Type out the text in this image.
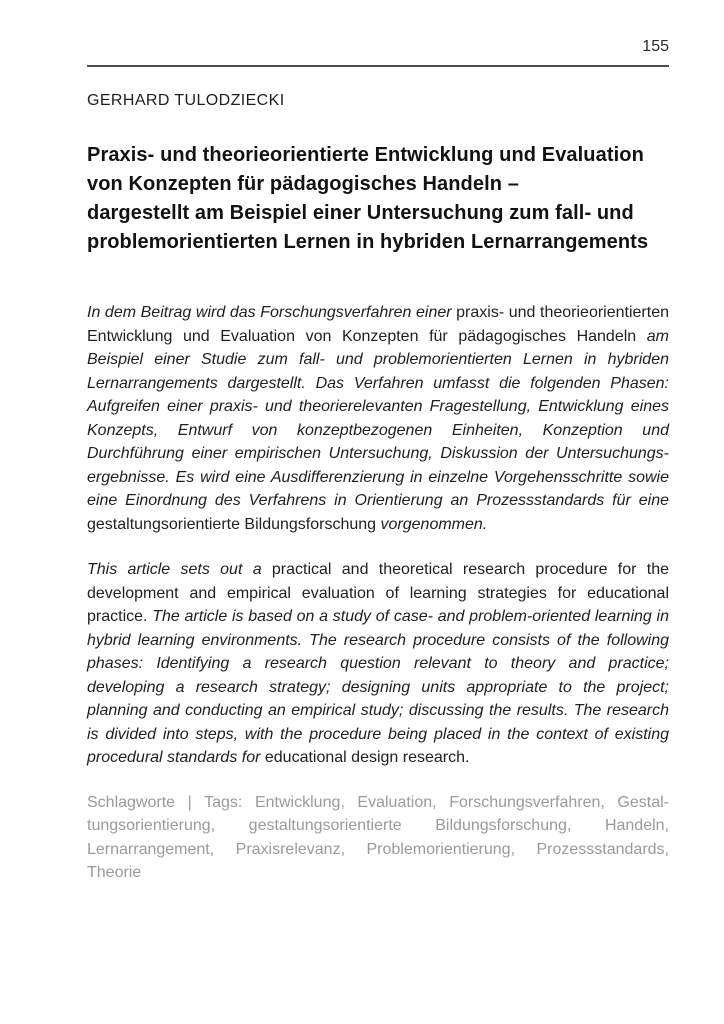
155
GERHARD TULODZIECKI
Praxis- und theorieorientierte Entwicklung und Evaluation
von Konzepten für pädagogisches Handeln –
dargestellt am Beispiel einer Untersuchung zum fall- und
problemorientierten Lernen in hybriden Lernarrangements

In dem Beitrag wird das Forschungsverfahren einer praxis- und theorieorientierten Entwicklung und Evaluation von Konzepten für pädagogisches Handeln am Beispiel einer Studie zum fall- und problemorientierten Lernen in hybriden Lernarrangements dargestellt. Das Verfahren umfasst die folgenden Phasen: Aufgreifen einer praxis- und theorierelevanten Fragestellung, Entwicklung eines Konzepts, Entwurf von konzeptbezogenen Einheiten, Konzeption und Durchführung einer empirischen Untersuchung, Diskussion der Untersuchungsergebnisse. Es wird eine Ausdifferenzierung in einzelne Vorgehensschritte sowie eine Einordnung des Verfahrens in Orientierung an Prozessstandards für eine gestaltungsorientierte Bildungsforschung vorgenommen.

This article sets out a practical and theoretical research procedure for the development and empirical evaluation of learning strategies for educational practice. The article is based on a study of case- and problem-oriented learning in hybrid learning environments. The research procedure consists of the following phases: Identifying a research question relevant to theory and practice; developing a research strategy; designing units appropriate to the project; planning and conducting an empirical study; discussing the results. The research is divided into steps, with the procedure being placed in the context of existing procedural standards for educational design research.

Schlagworte | Tags: Entwicklung, Evaluation, Forschungsverfahren, Gestaltungsorientierung, gestaltungsorientierte Bildungsforschung, Handeln, Lernarrangement, Praxisrelevanz, Problemorientierung, Prozessstandards, Theorie
